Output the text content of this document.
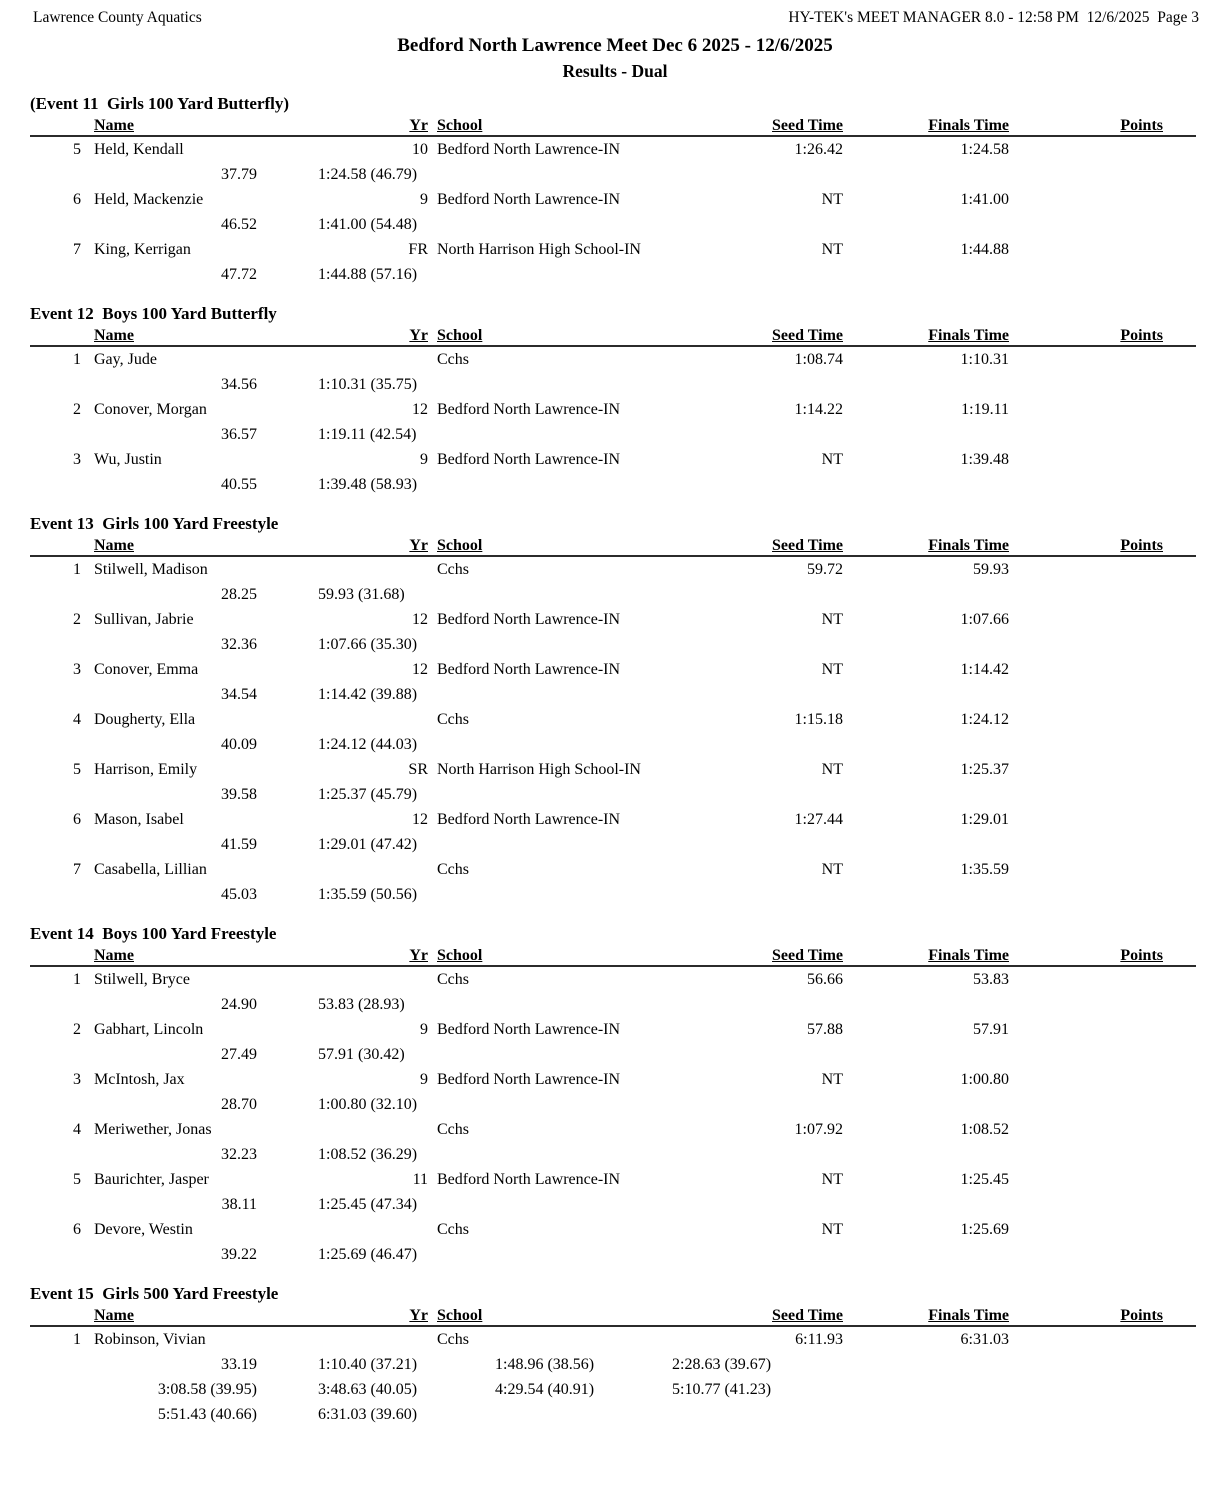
Lawrence County Aquatics	HY-TEK's MEET MANAGER 8.0 - 12:58 PM  12/6/2025  Page 3
Bedford North Lawrence Meet Dec 6 2025 - 12/6/2025
Results - Dual
(Event 11  Girls 100 Yard Butterfly)
Name	Yr School	Seed Time	Finals Time	Points
5 Held, Kendall	10 Bedford North Lawrence-IN	1:26.42	1:24.58
37.79	1:24.58 (46.79)
6 Held, Mackenzie	9 Bedford North Lawrence-IN	NT	1:41.00
46.52	1:41.00 (54.48)
7 King, Kerrigan	FR North Harrison High School-IN	NT	1:44.88
47.72	1:44.88 (57.16)
Event 12  Boys 100 Yard Butterfly
Name	Yr School	Seed Time	Finals Time	Points
1 Gay, Jude	Cchs	1:08.74	1:10.31
34.56	1:10.31 (35.75)
2 Conover, Morgan	12 Bedford North Lawrence-IN	1:14.22	1:19.11
36.57	1:19.11 (42.54)
3 Wu, Justin	9 Bedford North Lawrence-IN	NT	1:39.48
40.55	1:39.48 (58.93)
Event 13  Girls 100 Yard Freestyle
Name	Yr School	Seed Time	Finals Time	Points
1 Stilwell, Madison	Cchs	59.72	59.93
28.25	59.93 (31.68)
2 Sullivan, Jabrie	12 Bedford North Lawrence-IN	NT	1:07.66
32.36	1:07.66 (35.30)
3 Conover, Emma	12 Bedford North Lawrence-IN	NT	1:14.42
34.54	1:14.42 (39.88)
4 Dougherty, Ella	Cchs	1:15.18	1:24.12
40.09	1:24.12 (44.03)
5 Harrison, Emily	SR North Harrison High School-IN	NT	1:25.37
39.58	1:25.37 (45.79)
6 Mason, Isabel	12 Bedford North Lawrence-IN	1:27.44	1:29.01
41.59	1:29.01 (47.42)
7 Casabella, Lillian	Cchs	NT	1:35.59
45.03	1:35.59 (50.56)
Event 14  Boys 100 Yard Freestyle
Name	Yr School	Seed Time	Finals Time	Points
1 Stilwell, Bryce	Cchs	56.66	53.83
24.90	53.83 (28.93)
2 Gabhart, Lincoln	9 Bedford North Lawrence-IN	57.88	57.91
27.49	57.91 (30.42)
3 McIntosh, Jax	9 Bedford North Lawrence-IN	NT	1:00.80
28.70	1:00.80 (32.10)
4 Meriwether, Jonas	Cchs	1:07.92	1:08.52
32.23	1:08.52 (36.29)
5 Baurichter, Jasper	11 Bedford North Lawrence-IN	NT	1:25.45
38.11	1:25.45 (47.34)
6 Devore, Westin	Cchs	NT	1:25.69
39.22	1:25.69 (46.47)
Event 15  Girls 500 Yard Freestyle
Name	Yr School	Seed Time	Finals Time	Points
1 Robinson, Vivian	Cchs	6:11.93	6:31.03
33.19	1:10.40 (37.21)	1:48.96 (38.56)	2:28.63 (39.67)
3:08.58 (39.95)	3:48.63 (40.05)	4:29.54 (40.91)	5:10.77 (41.23)
5:51.43 (40.66)	6:31.03 (39.60)
